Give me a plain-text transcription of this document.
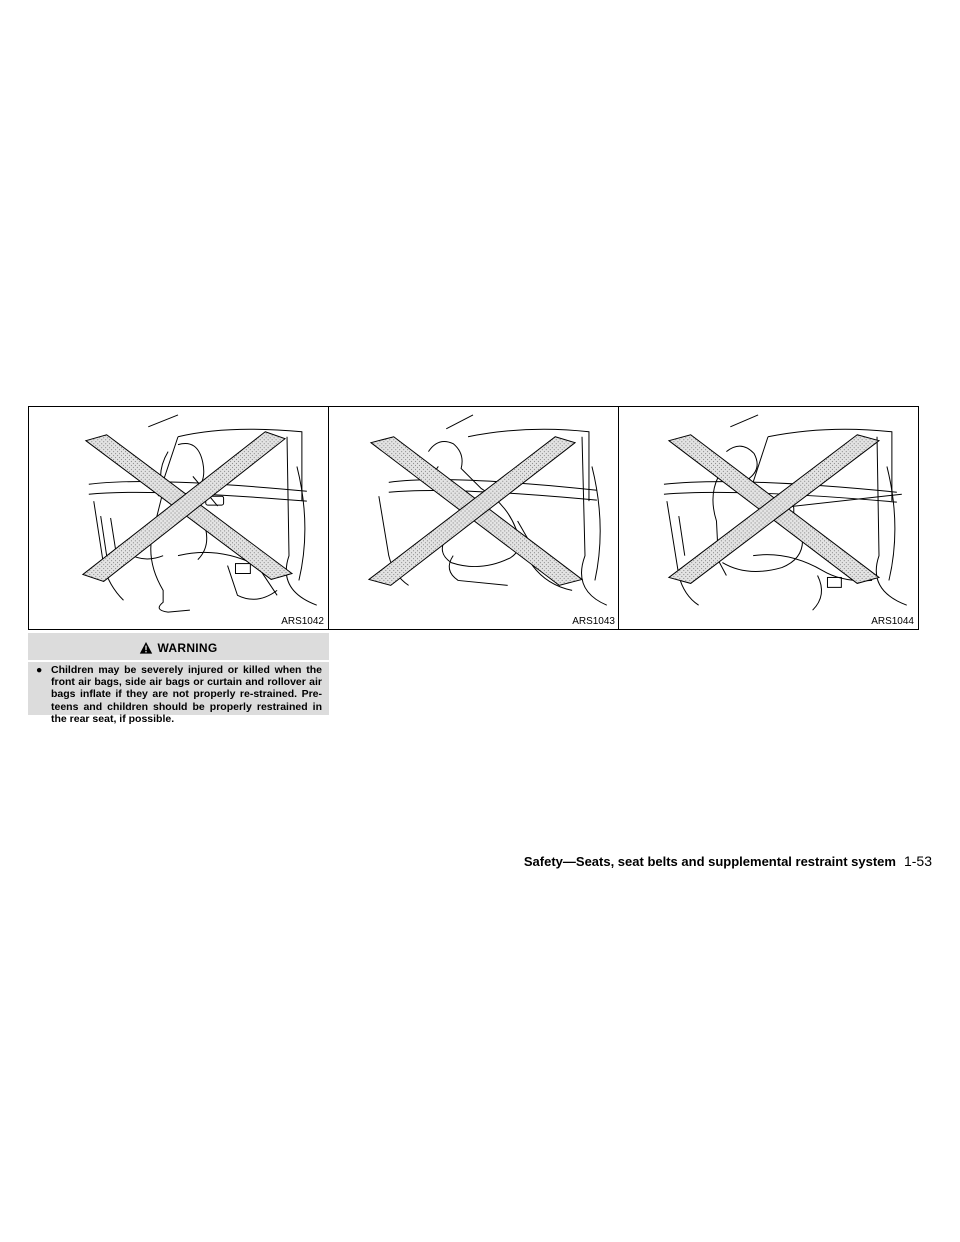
ARS1042	ARS1043	ARS1044
WARNING
● Children may be severely injured or killed when the front air bags, side air bags or curtain and rollover air bags inflate if they are not properly re-strained. Pre-teens and children should be properly restrained in the rear seat, if possible.
Safety—Seats, seat belts and supplemental restraint system 1-53
